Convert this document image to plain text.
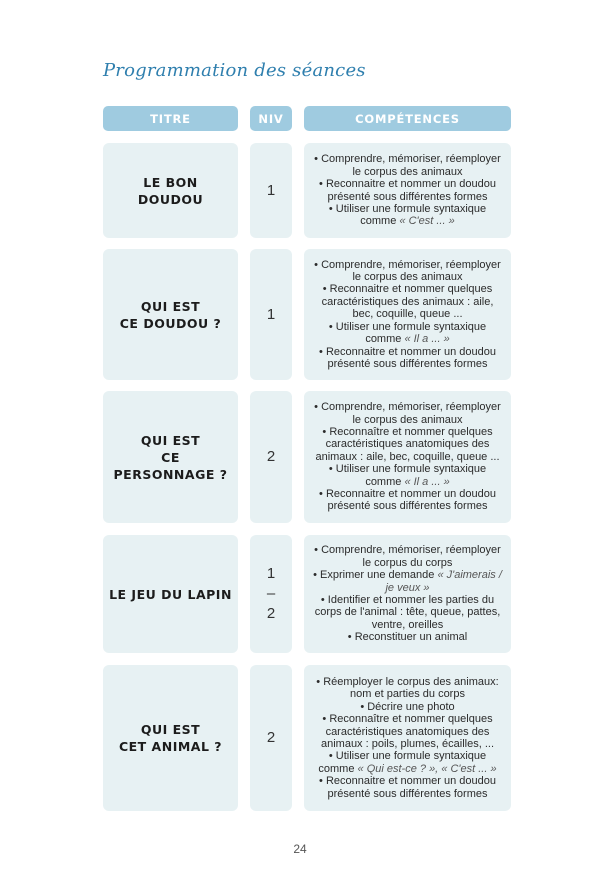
Programmation des séances
TITRE	NIV	COMPÉTENCES
LE BON DOUDOU
1
• Comprendre, mémoriser, réemployer le corpus des animaux
• Reconnaitre et nommer un doudou présenté sous différentes formes
• Utiliser une formule syntaxique comme « C'est ... »
QUI EST
CE DOUDOU ?
1
• Comprendre, mémoriser, réemployer le corpus des animaux
• Reconnaitre et nommer quelques caractéristiques des animaux : aile, bec, coquille, queue ...
• Utiliser une formule syntaxique comme « Il a ... »
• Reconnaitre et nommer un doudou présenté sous différentes formes
QUI EST
CE PERSONNAGE ?
2
• Comprendre, mémoriser, réemployer le corpus des animaux
• Reconnaître et nommer quelques caractéristiques anatomiques des animaux : aile, bec, coquille, queue ...
• Utiliser une formule syntaxique comme « Il a ... »
• Reconnaitre et nommer un doudou présenté sous différentes formes
LE JEU DU LAPIN
1
–
2
• Comprendre, mémoriser, réemployer le corpus du corps
• Exprimer une demande « J'aimerais / je veux »
• Identifier et nommer les parties du corps de l'animal : tête, queue, pattes, ventre, oreilles
• Reconstituer un animal
QUI EST
CET ANIMAL ?
2
• Réemployer le corpus des animaux: nom et parties du corps
• Décrire une photo
• Reconnaître et nommer quelques caractéristiques anatomiques des animaux : poils, plumes, écailles, ...
• Utiliser une formule syntaxique comme « Qui est-ce ? », « C'est ... »
• Reconnaitre et nommer un doudou présenté sous différentes formes
24
